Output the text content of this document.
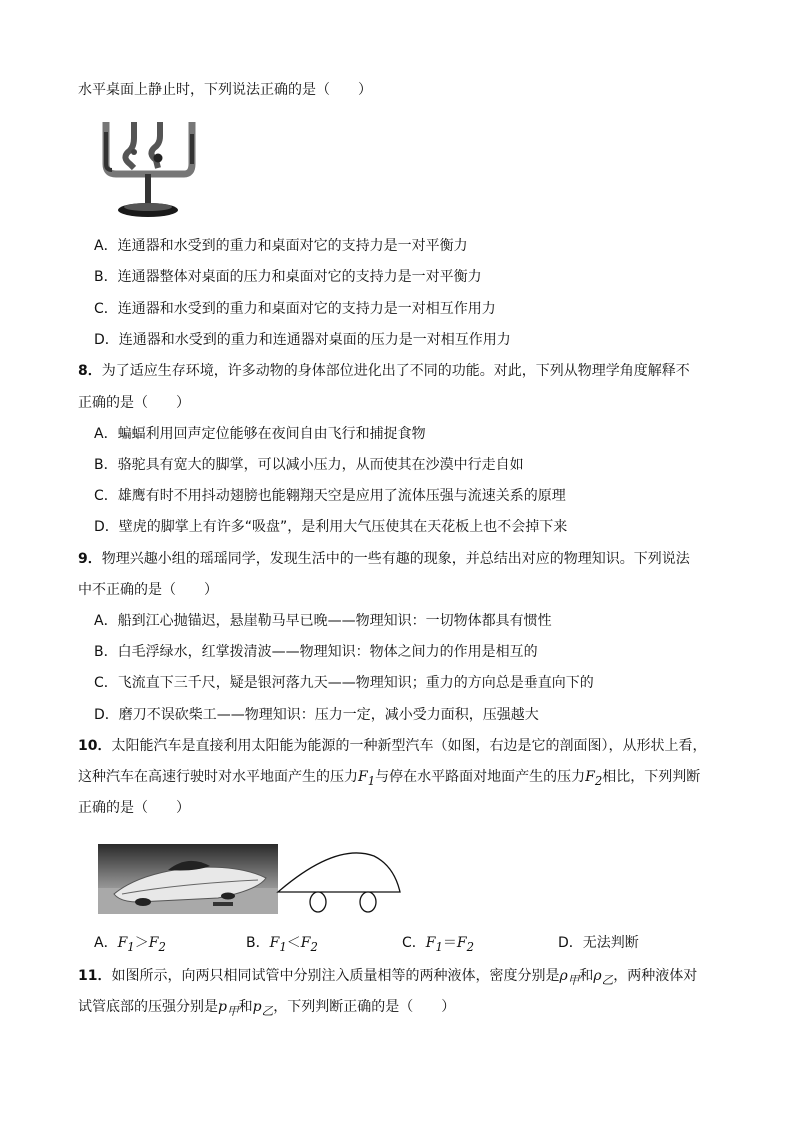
水平桌面上静止时，下列说法正确的是（　　）
A．连通器和水受到的重力和桌面对它的支持力是一对平衡力
B．连通器整体对桌面的压力和桌面对它的支持力是一对平衡力
C．连通器和水受到的重力和桌面对它的支持力是一对相互作用力
D．连通器和水受到的重力和连通器对桌面的压力是一对相互作用力
8．为了适应生存环境，许多动物的身体部位进化出了不同的功能。对此，下列从物理学角度解释不
正确的是（　　）
A．蝙蝠利用回声定位能够在夜间自由飞行和捕捉食物
B．骆驼具有宽大的脚掌，可以减小压力，从而使其在沙漠中行走自如
C．雄鹰有时不用抖动翅膀也能翱翔天空是应用了流体压强与流速关系的原理
D．壁虎的脚掌上有许多“吸盘”，是利用大气压使其在天花板上也不会掉下来
9．物理兴趣小组的瑶瑶同学，发现生活中的一些有趣的现象，并总结出对应的物理知识。下列说法
中不正确的是（　　）
A．船到江心抛锚迟，悬崖勒马早已晚——物理知识：一切物体都具有惯性
B．白毛浮绿水，红掌拨清波——物理知识：物体之间力的作用是相互的
C．飞流直下三千尺，疑是银河落九天——物理知识；重力的方向总是垂直向下的
D．磨刀不误砍柴工——物理知识：压力一定，减小受力面积，压强越大
10．太阳能汽车是直接利用太阳能为能源的一种新型汽车（如图，右边是它的剖面图），从形状上看，
这种汽车在高速行驶时对水平地面产生的压力$F_1$与停在水平路面对地面产生的压力$F_2$相比，下列判断
正确的是（　　）
A．$F_1>F_2$	B．$F_1<F_2$	C．$F_1=F_2$	D．无法判断
11．如图所示，向两只相同试管中分别注入质量相等的两种液体，密度分别是$\rho_甲$和$\rho_乙$，两种液体对
试管底部的压强分别是$p_甲$和$p_乙$，下列判断正确的是（　　）
